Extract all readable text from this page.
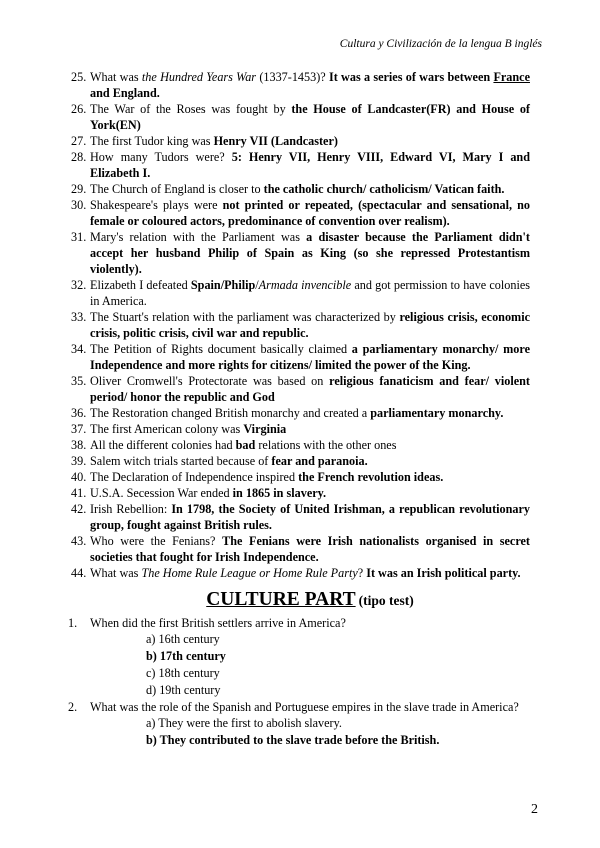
Cultura y Civilización de la lengua B inglés
25. What was the Hundred Years War (1337-1453)? It was a series of wars between France and England.
26. The War of the Roses was fought by the House of Landcaster(FR) and House of York(EN)
27. The first Tudor king was Henry VII (Landcaster)
28. How many Tudors were? 5: Henry VII, Henry VIII, Edward VI, Mary I and Elizabeth I.
29. The Church of England is closer to the catholic church/ catholicism/ Vatican faith.
30. Shakespeare's plays were not printed or repeated, (spectacular and sensational, no female or coloured actors, predominance of convention over realism).
31. Mary's relation with the Parliament was a disaster because the Parliament didn't accept her husband Philip of Spain as King (so she repressed Protestantism violently).
32. Elizabeth I defeated Spain/Philip/Armada invencible and got permission to have colonies in America.
33. The Stuart's relation with the parliament was characterized by religious crisis, economic crisis, politic crisis, civil war and republic.
34. The Petition of Rights document basically claimed a parliamentary monarchy/ more Independence and more rights for citizens/ limited the power of the King.
35. Oliver Cromwell's Protectorate was based on religious fanaticism and fear/ violent period/ honor the republic and God
36. The Restoration changed British monarchy and created a parliamentary monarchy.
37. The first American colony was Virginia
38. All the different colonies had bad relations with the other ones
39. Salem witch trials started because of fear and paranoia.
40. The Declaration of Independence inspired the French revolution ideas.
41. U.S.A. Secession War ended in 1865 in slavery.
42. Irish Rebellion: In 1798, the Society of United Irishman, a republican revolutionary group, fought against British rules.
43. Who were the Fenians? The Fenians were Irish nationalists organised in secret societies that fought for Irish Independence.
44. What was The Home Rule League or Home Rule Party? It was an Irish political party.
CULTURE PART (tipo test)
1. When did the first British settlers arrive in America?
a) 16th century
b) 17th century
c) 18th century
d) 19th century
2. What was the role of the Spanish and Portuguese empires in the slave trade in America?
a) They were the first to abolish slavery.
b) They contributed to the slave trade before the British.
2
